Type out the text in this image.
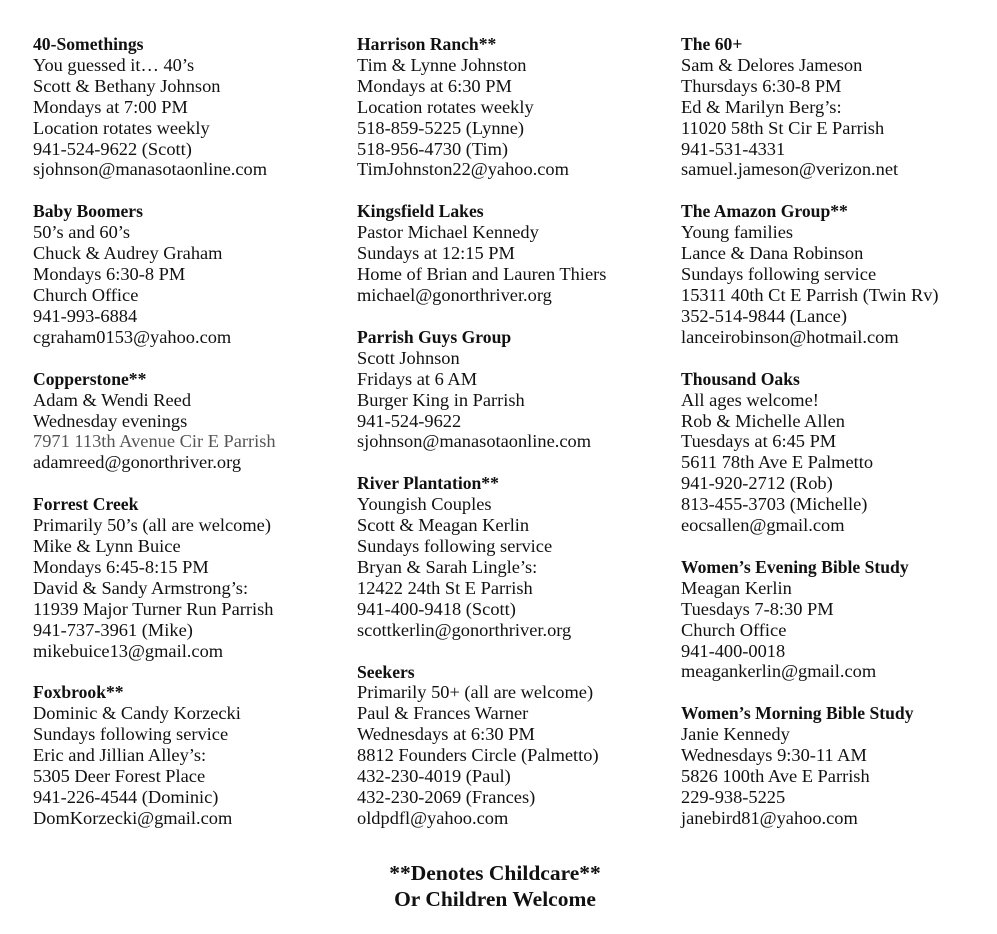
40-Somethings
You guessed it… 40’s
Scott & Bethany Johnson
Mondays at 7:00 PM
Location rotates weekly
941-524-9622 (Scott)
sjohnson@manasotaonline.com
Baby Boomers
50’s and 60’s
Chuck & Audrey Graham
Mondays 6:30-8 PM
Church Office
941-993-6884
cgraham0153@yahoo.com
Copperstone**
Adam & Wendi Reed
Wednesday evenings
7971 113th Avenue Cir E Parrish
adamreed@gonorthriver.org
Forrest Creek
Primarily 50’s (all are welcome)
Mike & Lynn Buice
Mondays 6:45-8:15 PM
David & Sandy Armstrong’s:
11939 Major Turner Run Parrish
941-737-3961 (Mike)
mikebuice13@gmail.com
Foxbrook**
Dominic & Candy Korzecki
Sundays following service
Eric and Jillian Alley’s:
5305 Deer Forest Place
941-226-4544 (Dominic)
DomKorzecki@gmail.com
Harrison Ranch**
Tim & Lynne Johnston
Mondays at 6:30 PM
Location rotates weekly
518-859-5225 (Lynne)
518-956-4730 (Tim)
TimJohnston22@yahoo.com
Kingsfield Lakes
Pastor Michael Kennedy
Sundays at 12:15 PM
Home of Brian and Lauren Thiers
michael@gonorthriver.org
Parrish Guys Group
Scott Johnson
Fridays at 6 AM
Burger King in Parrish
941-524-9622
sjohnson@manasotaonline.com
River Plantation**
Youngish Couples
Scott & Meagan Kerlin
Sundays following service
Bryan & Sarah Lingle’s:
12422 24th St E Parrish
941-400-9418 (Scott)
scottkerlin@gonorthriver.org
Seekers
Primarily 50+ (all are welcome)
Paul & Frances Warner
Wednesdays at 6:30 PM
8812 Founders Circle (Palmetto)
432-230-4019 (Paul)
432-230-2069 (Frances)
oldpdfl@yahoo.com
The 60+
Sam & Delores Jameson
Thursdays 6:30-8 PM
Ed & Marilyn Berg’s:
11020 58th St Cir E Parrish
941-531-4331
samuel.jameson@verizon.net
The Amazon Group**
Young families
Lance & Dana Robinson
Sundays following service
15311 40th Ct E Parrish (Twin Rv)
352-514-9844 (Lance)
lanceirobinson@hotmail.com
Thousand Oaks
All ages welcome!
Rob & Michelle Allen
Tuesdays at 6:45 PM
5611 78th Ave E Palmetto
941-920-2712 (Rob)
813-455-3703 (Michelle)
eocsallen@gmail.com
Women’s Evening Bible Study
Meagan Kerlin
Tuesdays 7-8:30 PM
Church Office
941-400-0018
meagankerlin@gmail.com
Women’s Morning Bible Study
Janie Kennedy
Wednesdays 9:30-11 AM
5826 100th Ave E Parrish
229-938-5225
janebird81@yahoo.com
**Denotes Childcare**
Or Children Welcome
